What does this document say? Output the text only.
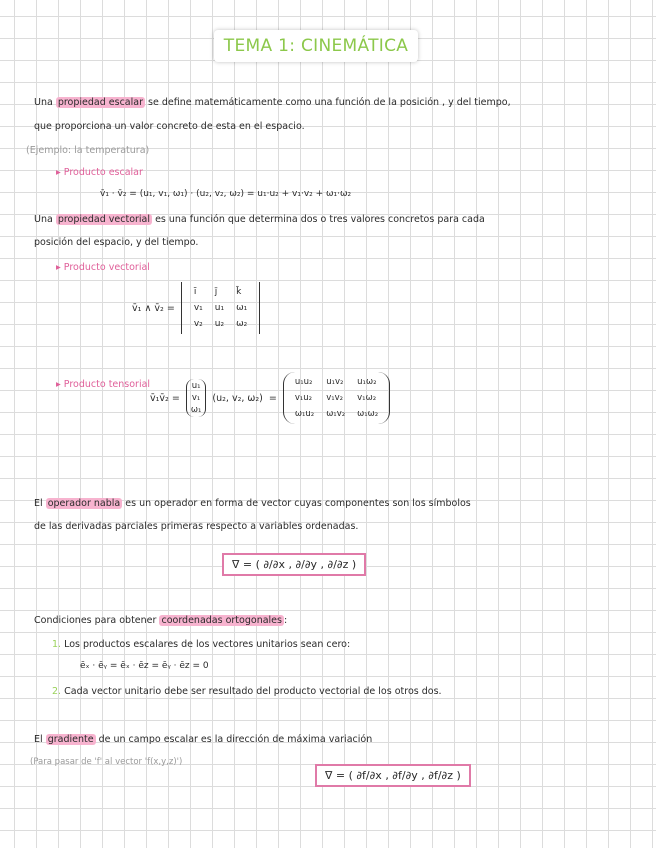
TEMA 1: CINEMÁTICA
Una propiedad escalar se define matemáticamente como una función de la posición , y del tiempo,
que proporciona un valor concreto de esta en el espacio.
(Ejemplo: la temperatura)
▸ Producto escalar
v̄₁ · v̄₂ = (u₁, v₁, ω₁) · (u₂, v₂, ω₂) = u₁·u₂ + v₁·v₂ + ω₁·ω₂
Una propiedad vectorial es una función que determina dos o tres valores concretos para cada
posición del espacio, y del tiempo.
▸ Producto vectorial
v̄₁ ∧ v̄₂ =
ī	j̄	k̄
v₁	u₁	ω₁
v₂	u₂	ω₂
▸ Producto tensorial
v̄₁v̄₂ =
u₁
v₁
ω₁
(u₂, v₂, ω₂) =
u₁u₂	u₁v₂	u₁ω₂
v₁u₂	v₁v₂	v₁ω₂
ω₁u₂	ω₁v₂	ω₁ω₂
El operador nabla es un operador en forma de vector cuyas componentes son los símbolos
de las derivadas parciales primeras respecto a variables ordenadas.
∇ = ( ∂/∂x , ∂/∂y , ∂/∂z )
Condiciones para obtener coordenadas ortogonales :
1. Los productos escalares de los vectores unitarios sean cero:
ēₓ · ēᵧ = ēₓ · ēz = ēᵧ · ēz = 0
2. Cada vector unitario debe ser resultado del producto vectorial de los otros dos.
El gradiente de un campo escalar es la dirección de máxima variación
(Para pasar de 'f' al vector 'f(x,y,z)')
∇ = ( ∂f/∂x , ∂f/∂y , ∂f/∂z )
